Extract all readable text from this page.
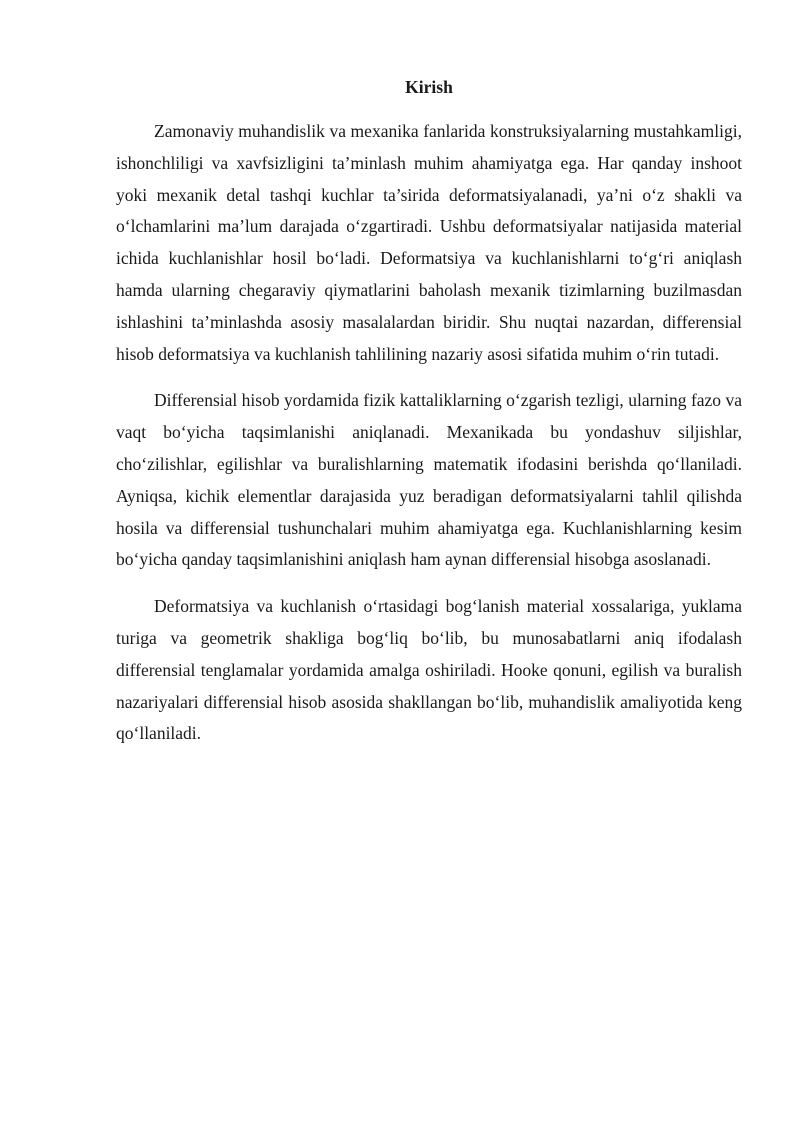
Kirish

Zamonaviy muhandislik va mexanika fanlarida konstruksiyalarning mustahkamligi, ishonchliligi va xavfsizligini ta’minlash muhim ahamiyatga ega. Har qanday inshoot yoki mexanik detal tashqi kuchlar ta’sirida deformatsiyalanadi, ya’ni o‘z shakli va o‘lchamlarini ma’lum darajada o‘zgartiradi. Ushbu deformatsiyalar natijasida material ichida kuchlanishlar hosil bo‘ladi. Deformatsiya va kuchlanishlarni to‘g‘ri aniqlash hamda ularning chegaraviy qiymatlarini baholash mexanik tizimlarning buzilmasdan ishlashini ta’minlashda asosiy masalalardan biridir. Shu nuqtai nazardan, differensial hisob deformatsiya va kuchlanish tahlilining nazariy asosi sifatida muhim o‘rin tutadi.

Differensial hisob yordamida fizik kattaliklarning o‘zgarish tezligi, ularning fazo va vaqt bo‘yicha taqsimlanishi aniqlanadi. Mexanikada bu yondashuv siljishlar, cho‘zilishlar, egilishlar va buralishlarning matematik ifodasini berishda qo‘llaniladi. Ayniqsa, kichik elementlar darajasida yuz beradigan deformatsiyalarni tahlil qilishda hosila va differensial tushunchalari muhim ahamiyatga ega. Kuchlanishlarning kesim bo‘yicha qanday taqsimlanishini aniqlash ham aynan differensial hisobga asoslanadi.

Deformatsiya va kuchlanish o‘rtasidagi bog‘lanish material xossalariga, yuklama turiga va geometrik shakliga bog‘liq bo‘lib, bu munosabatlarni aniq ifodalash differensial tenglamalar yordamida amalga oshiriladi. Hooke qonuni, egilish va buralish nazariyalari differensial hisob asosida shakllangan bo‘lib, muhandislik amaliyotida keng qo‘llaniladi.
